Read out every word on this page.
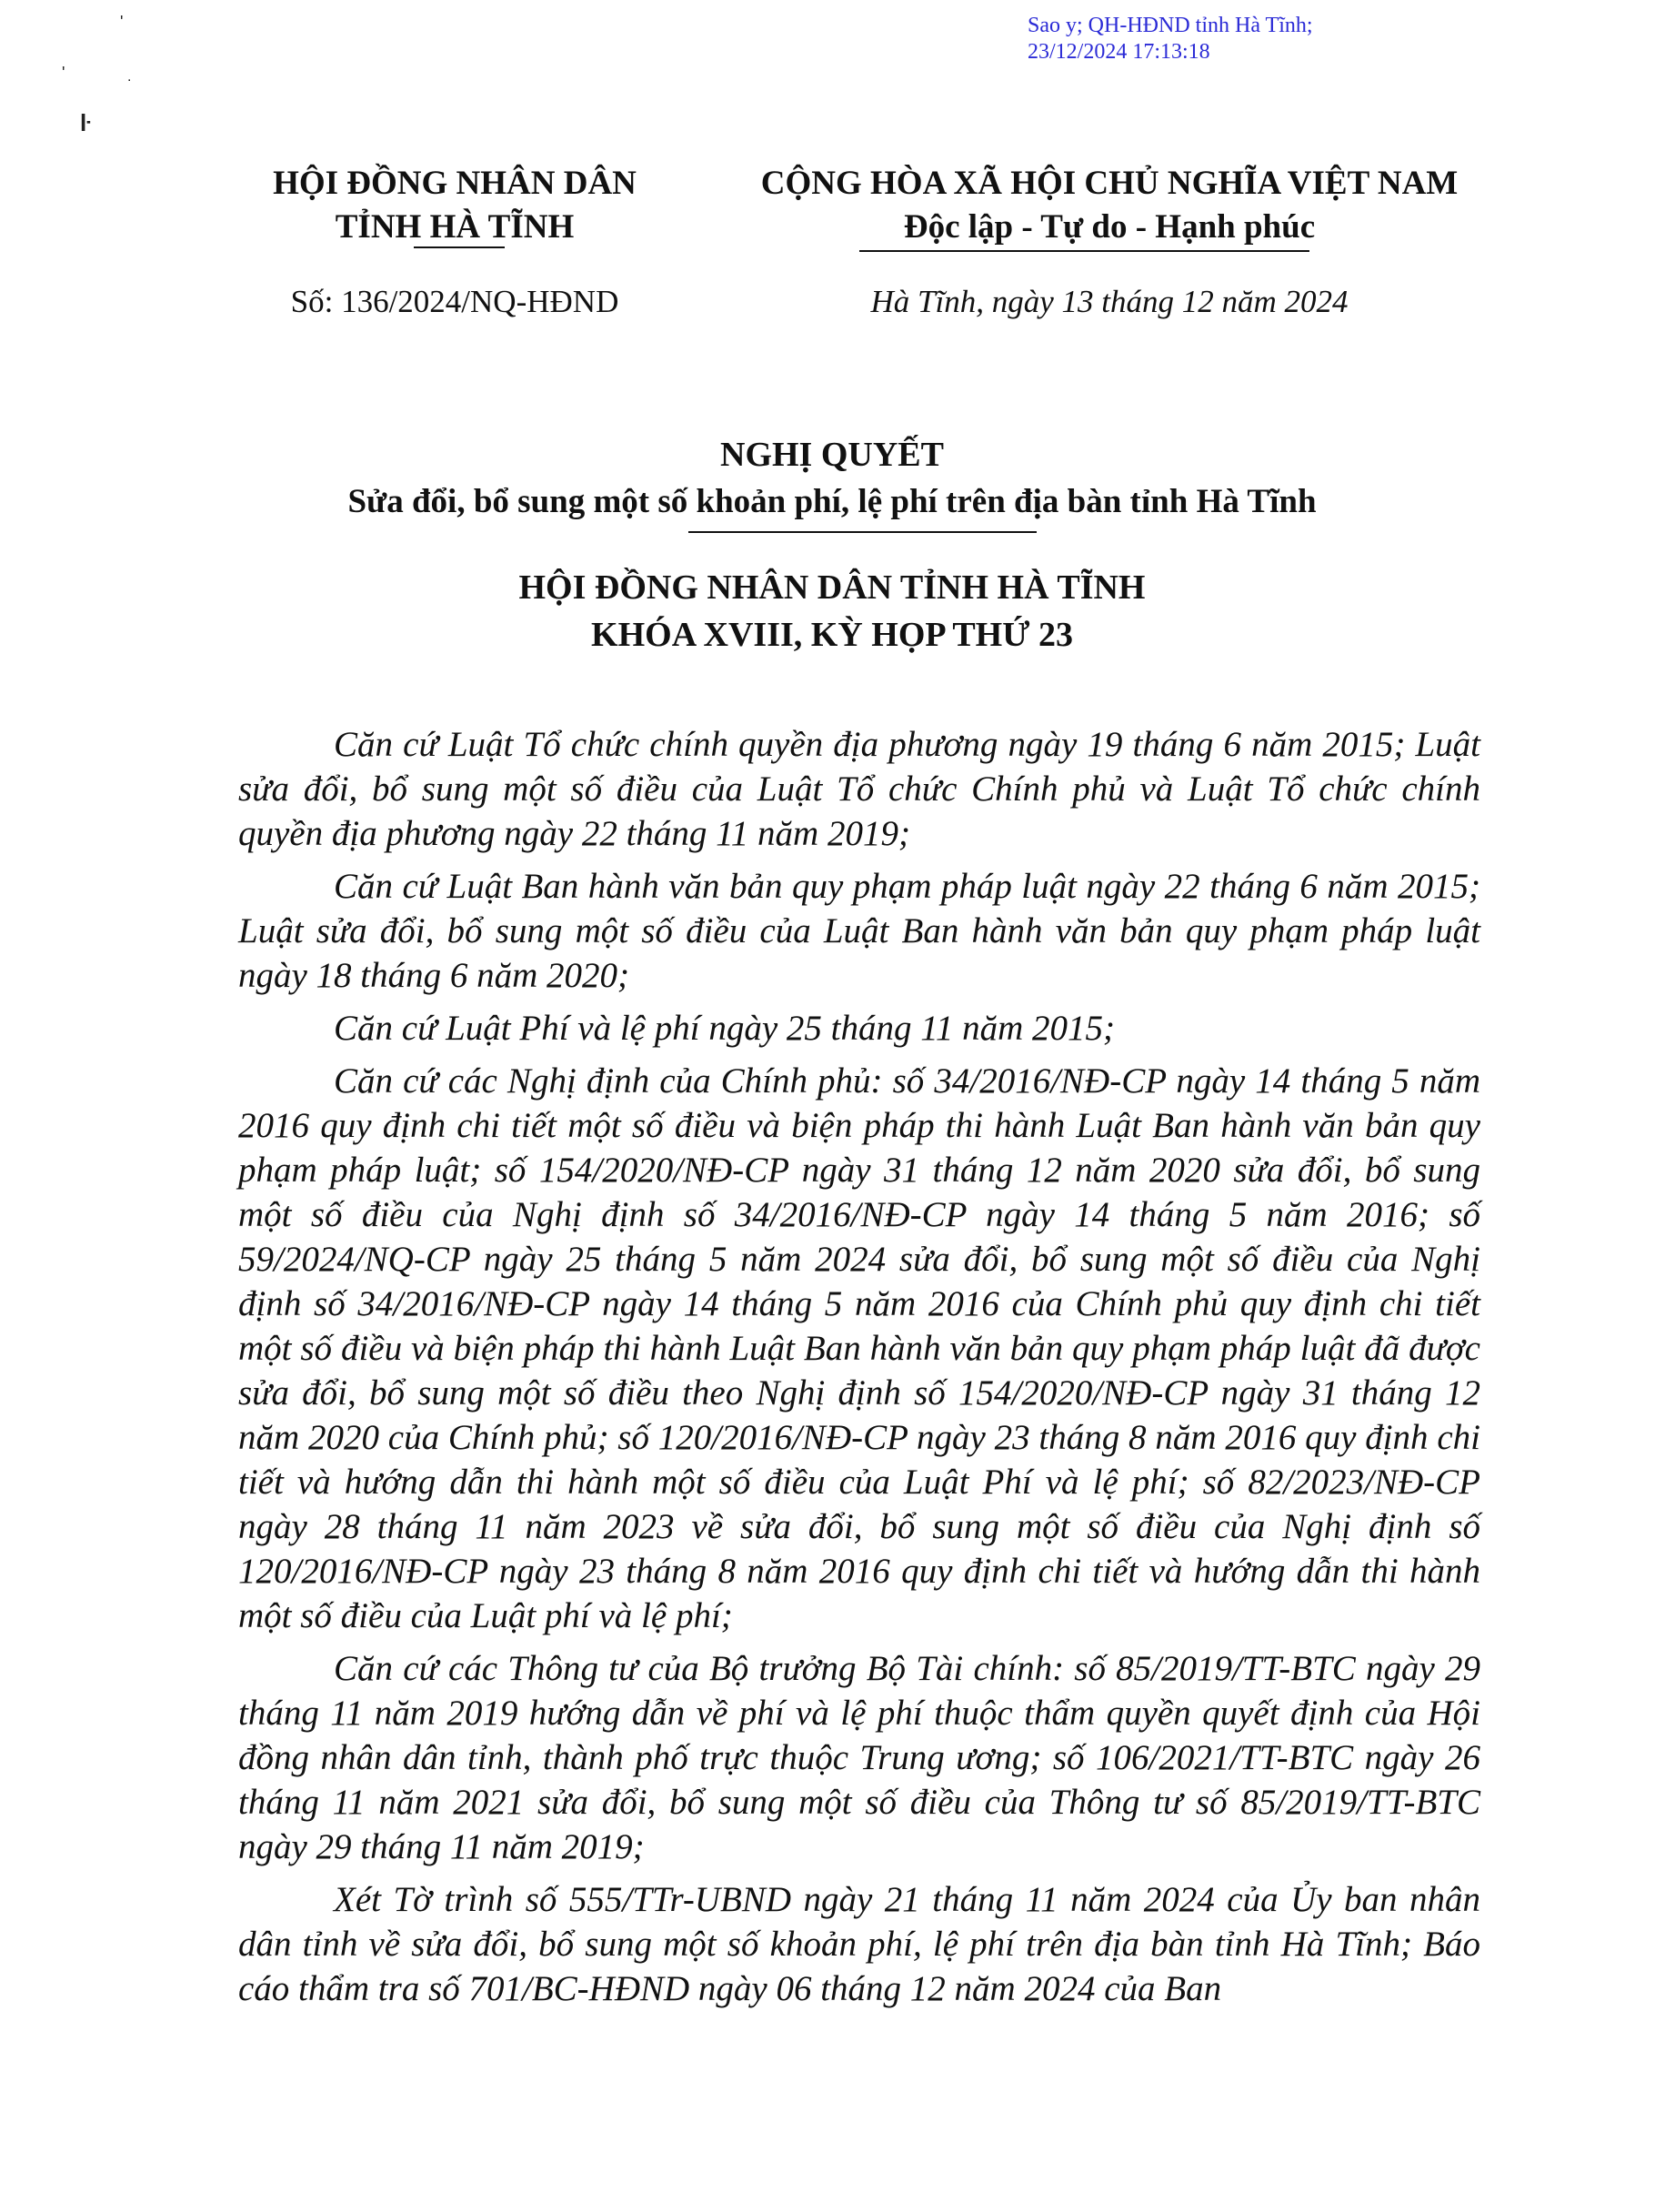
Sao y; QH-HĐND tỉnh Hà Tĩnh;
23/12/2024 17:13:18
'
'	.
ŀ
HỘI ĐỒNG NHÂN DÂN
TỈNH HÀ TĨNH
CỘNG HÒA XÃ HỘI CHỦ NGHĨA VIỆT NAM
Độc lập - Tự do - Hạnh phúc
Số: 136/2024/NQ-HĐND	Hà Tĩnh, ngày 13 tháng 12 năm 2024
NGHỊ QUYẾT
Sửa đổi, bổ sung một số khoản phí, lệ phí trên địa bàn tỉnh Hà Tĩnh
HỘI ĐỒNG NHÂN DÂN TỈNH HÀ TĨNH
KHÓA XVIII, KỲ HỌP THỨ 23

Căn cứ Luật Tổ chức chính quyền địa phương ngày 19 tháng 6 năm 2015; Luật sửa đổi, bổ sung một số điều của Luật Tổ chức Chính phủ và Luật Tổ chức chính quyền địa phương ngày 22 tháng 11 năm 2019;

Căn cứ Luật Ban hành văn bản quy phạm pháp luật ngày 22 tháng 6 năm 2015; Luật sửa đổi, bổ sung một số điều của Luật Ban hành văn bản quy phạm pháp luật ngày 18 tháng 6 năm 2020;

Căn cứ Luật Phí và lệ phí ngày 25 tháng 11 năm 2015;

Căn cứ các Nghị định của Chính phủ: số 34/2016/NĐ-CP ngày 14 tháng 5 năm 2016 quy định chi tiết một số điều và biện pháp thi hành Luật Ban hành văn bản quy phạm pháp luật; số 154/2020/NĐ-CP ngày 31 tháng 12 năm 2020 sửa đổi, bổ sung một số điều của Nghị định số 34/2016/NĐ-CP ngày 14 tháng 5 năm 2016; số 59/2024/NQ-CP ngày 25 tháng 5 năm 2024 sửa đổi, bổ sung một số điều của Nghị định số 34/2016/NĐ-CP ngày 14 tháng 5 năm 2016 của Chính phủ quy định chi tiết một số điều và biện pháp thi hành Luật Ban hành văn bản quy phạm pháp luật đã được sửa đổi, bổ sung một số điều theo Nghị định số 154/2020/NĐ-CP ngày 31 tháng 12 năm 2020 của Chính phủ; số 120/2016/NĐ-CP ngày 23 tháng 8 năm 2016 quy định chi tiết và hướng dẫn thi hành một số điều của Luật Phí và lệ phí; số 82/2023/NĐ-CP ngày 28 tháng 11 năm 2023 về sửa đổi, bổ sung một số điều của Nghị định số 120/2016/NĐ-CP ngày 23 tháng 8 năm 2016 quy định chi tiết và hướng dẫn thi hành một số điều của Luật phí và lệ phí;

Căn cứ các Thông tư của Bộ trưởng Bộ Tài chính: số 85/2019/TT-BTC ngày 29 tháng 11 năm 2019 hướng dẫn về phí và lệ phí thuộc thẩm quyền quyết định của Hội đồng nhân dân tỉnh, thành phố trực thuộc Trung ương; số 106/2021/TT-BTC ngày 26 tháng 11 năm 2021 sửa đổi, bổ sung một số điều của Thông tư số 85/2019/TT-BTC ngày 29 tháng 11 năm 2019;

Xét Tờ trình số 555/TTr-UBND ngày 21 tháng 11 năm 2024 của Ủy ban nhân dân tỉnh về sửa đổi, bổ sung một số khoản phí, lệ phí trên địa bàn tỉnh Hà Tĩnh; Báo cáo thẩm tra số 701/BC-HĐND ngày 06 tháng 12 năm 2024 của Ban
